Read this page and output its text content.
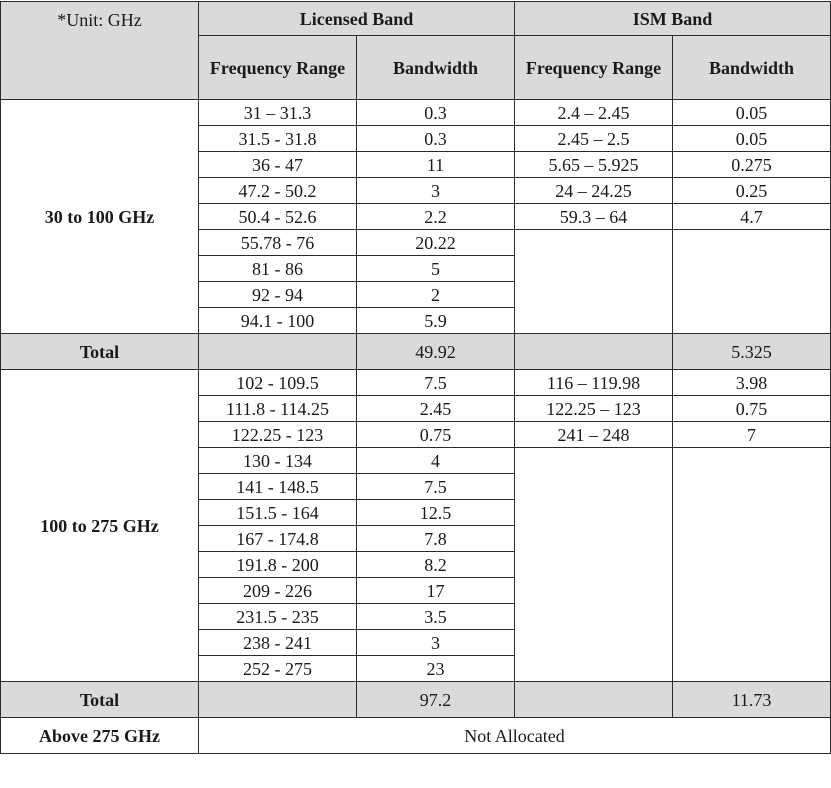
*Unit: GHz	Licensed Band		ISM Band	
	Frequency Range	Bandwidth	Frequency Range	Bandwidth
30 to 100 GHz	31 – 31.3	0.3	2.4 – 2.45	0.05
	31.5 - 31.8	0.3	2.45 – 2.5	0.05
	36 - 47	11	5.65 – 5.925	0.275
	47.2 - 50.2	3	24 – 24.25	0.25
	50.4 - 52.6	2.2	59.3 – 64	4.7
	55.78 - 76	20.22		
	81 - 86	5		
	92 - 94	2		
	94.1 - 100	5.9		
Total		49.92		5.325
100 to 275 GHz	102 - 109.5	7.5	116 – 119.98	3.98
	111.8 - 114.25	2.45	122.25 – 123	0.75
	122.25 - 123	0.75	241 – 248	7
	130 - 134	4		
	141 - 148.5	7.5		
	151.5 - 164	12.5		
	167 - 174.8	7.8		
	191.8 - 200	8.2		
	209 - 226	17		
	231.5 - 235	3.5		
	238 - 241	3		
	252 - 275	23		
Total		97.2		11.73
Above 275 GHz	Not Allocated			
